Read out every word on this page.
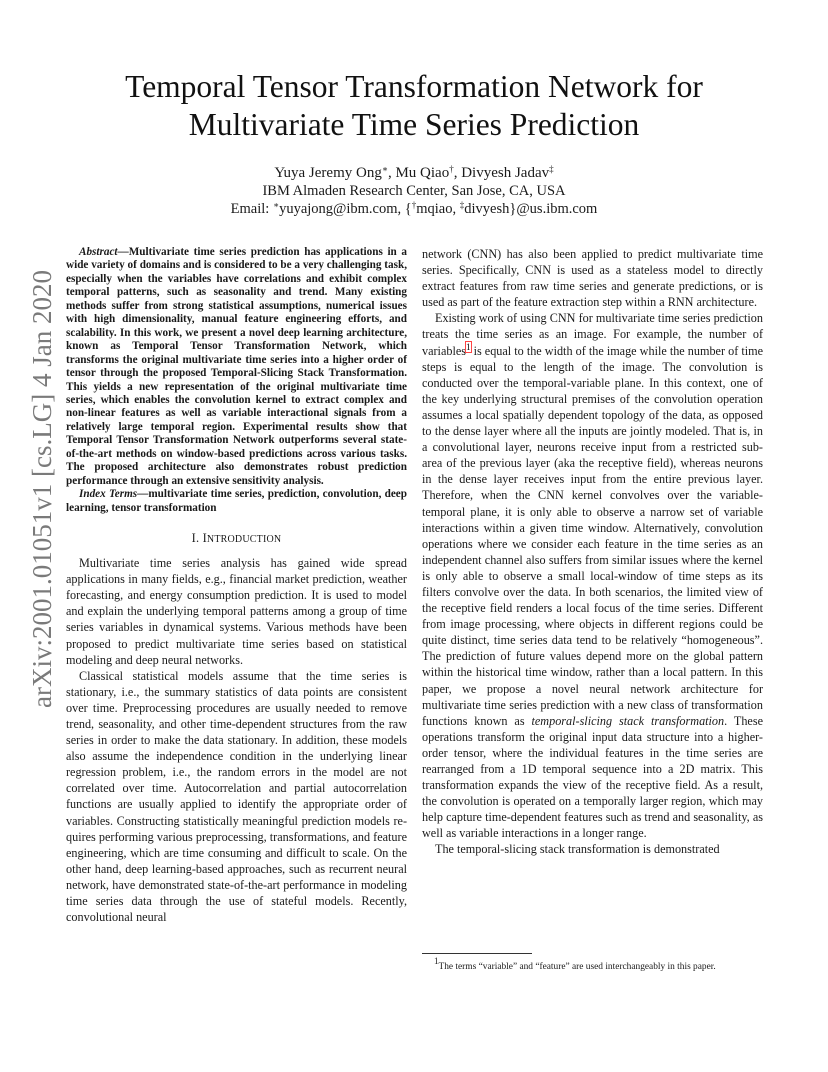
arXiv:2001.01051v1 [cs.LG] 4 Jan 2020
Temporal Tensor Transformation Network for
Multivariate Time Series Prediction
Yuya Jeremy Ong∗, Mu Qiao†, Divyesh Jadav‡
IBM Almaden Research Center, San Jose, CA, USA
Email: ∗yuyajong@ibm.com, {†mqiao, ‡divyesh}@us.ibm.com

Abstract—Multivariate time series prediction has applications in a wide variety of domains and is considered to be a very challenging task, especially when the variables have correlations and exhibit complex temporal patterns, such as seasonality and trend. Many existing methods suffer from strong statistical assumptions, numerical issues with high dimensionality, manual feature engineering efforts, and scalability. In this work, we present a novel deep learning architecture, known as Temporal Tensor Transformation Network, which transforms the original multivariate time series into a higher order of tensor through the proposed Temporal-Slicing Stack Transformation. This yields a new representation of the original multivariate time series, which enables the convolution kernel to extract complex and non-linear features as well as variable interactional signals from a relatively large temporal region. Experimental results show that Temporal Tensor Transformation Network outperforms several state-of-the-art methods on window-based predictions across various tasks. The proposed architecture also demonstrates robust prediction performance through an extensive sensitivity analysis.

Index Terms—multivariate time series, prediction, convolution, deep learning, tensor transformation

I. INTRODUCTION

Multivariate time series analysis has gained wide spread applications in many fields, e.g., financial market prediction, weather forecasting, and energy consumption prediction. It is used to model and explain the underlying temporal patterns among a group of time series variables in dynamical systems. Various methods have been proposed to predict multivariate time series based on statistical modeling and deep neural networks.

Classical statistical models assume that the time series is stationary, i.e., the summary statistics of data points are consistent over time. Preprocessing procedures are usually needed to remove trend, seasonality, and other time-dependent structures from the raw series in order to make the data stationary. In addition, these models also assume the independence condition in the underlying linear regression problem, i.e., the random errors in the model are not correlated over time. Autocorrelation and partial autocorrelation functions are usually applied to identify the appropriate order of variables. Constructing statistically meaningful prediction models requires performing various preprocessing, transformations, and feature engineering, which are time consuming and difficult to scale. On the other hand, deep learning-based approaches, such as recurrent neural network, have demonstrated state-of-the-art performance in modeling time series data through the use of stateful models. Recently, convolutional neural

network (CNN) has also been applied to predict multivariate time series. Specifically, CNN is used as a stateless model to directly extract features from raw time series and generate predictions, or is used as part of the feature extraction step within a RNN architecture.

Existing work of using CNN for multivariate time series prediction treats the time series as an image. For example, the number of variables$^1$ is equal to the width of the image while the number of time steps is equal to the length of the image. The convolution is conducted over the temporal-variable plane. In this context, one of the key underlying structural premises of the convolution operation assumes a local spatially dependent topology of the data, as opposed to the dense layer where all the inputs are jointly modeled. That is, in a convolutional layer, neurons receive input from a restricted sub-area of the previous layer (aka the receptive field), whereas neurons in the dense layer receives input from the entire previous layer. Therefore, when the CNN kernel convolves over the variable-temporal plane, it is only able to observe a narrow set of variable interactions within a given time window. Alternatively, convolution operations where we consider each feature in the time series as an independent channel also suffers from similar issues where the kernel is only able to observe a small local-window of time steps as its filters convolve over the data. In both scenarios, the limited view of the receptive field renders a local focus of the time series. Different from image processing, where objects in different regions could be quite distinct, time series data tend to be relatively “homogeneous”. The prediction of future values depend more on the global pattern within the historical time window, rather than a local pattern. In this paper, we propose a novel neural network architecture for multivariate time series prediction with a new class of transformation functions known as temporal-slicing stack transformation. These operations transform the original input data structure into a higher-order tensor, where the individual features in the time series are rearranged from a 1D temporal sequence into a 2D matrix. This transformation expands the view of the receptive field. As a result, the convolution is operated on a temporally larger region, which may help capture time-dependent features such as trend and seasonality, as well as variable interactions in a longer range.

The temporal-slicing stack transformation is demonstrated

$^1$The terms “variable” and “feature” are used interchangeably in this paper.
